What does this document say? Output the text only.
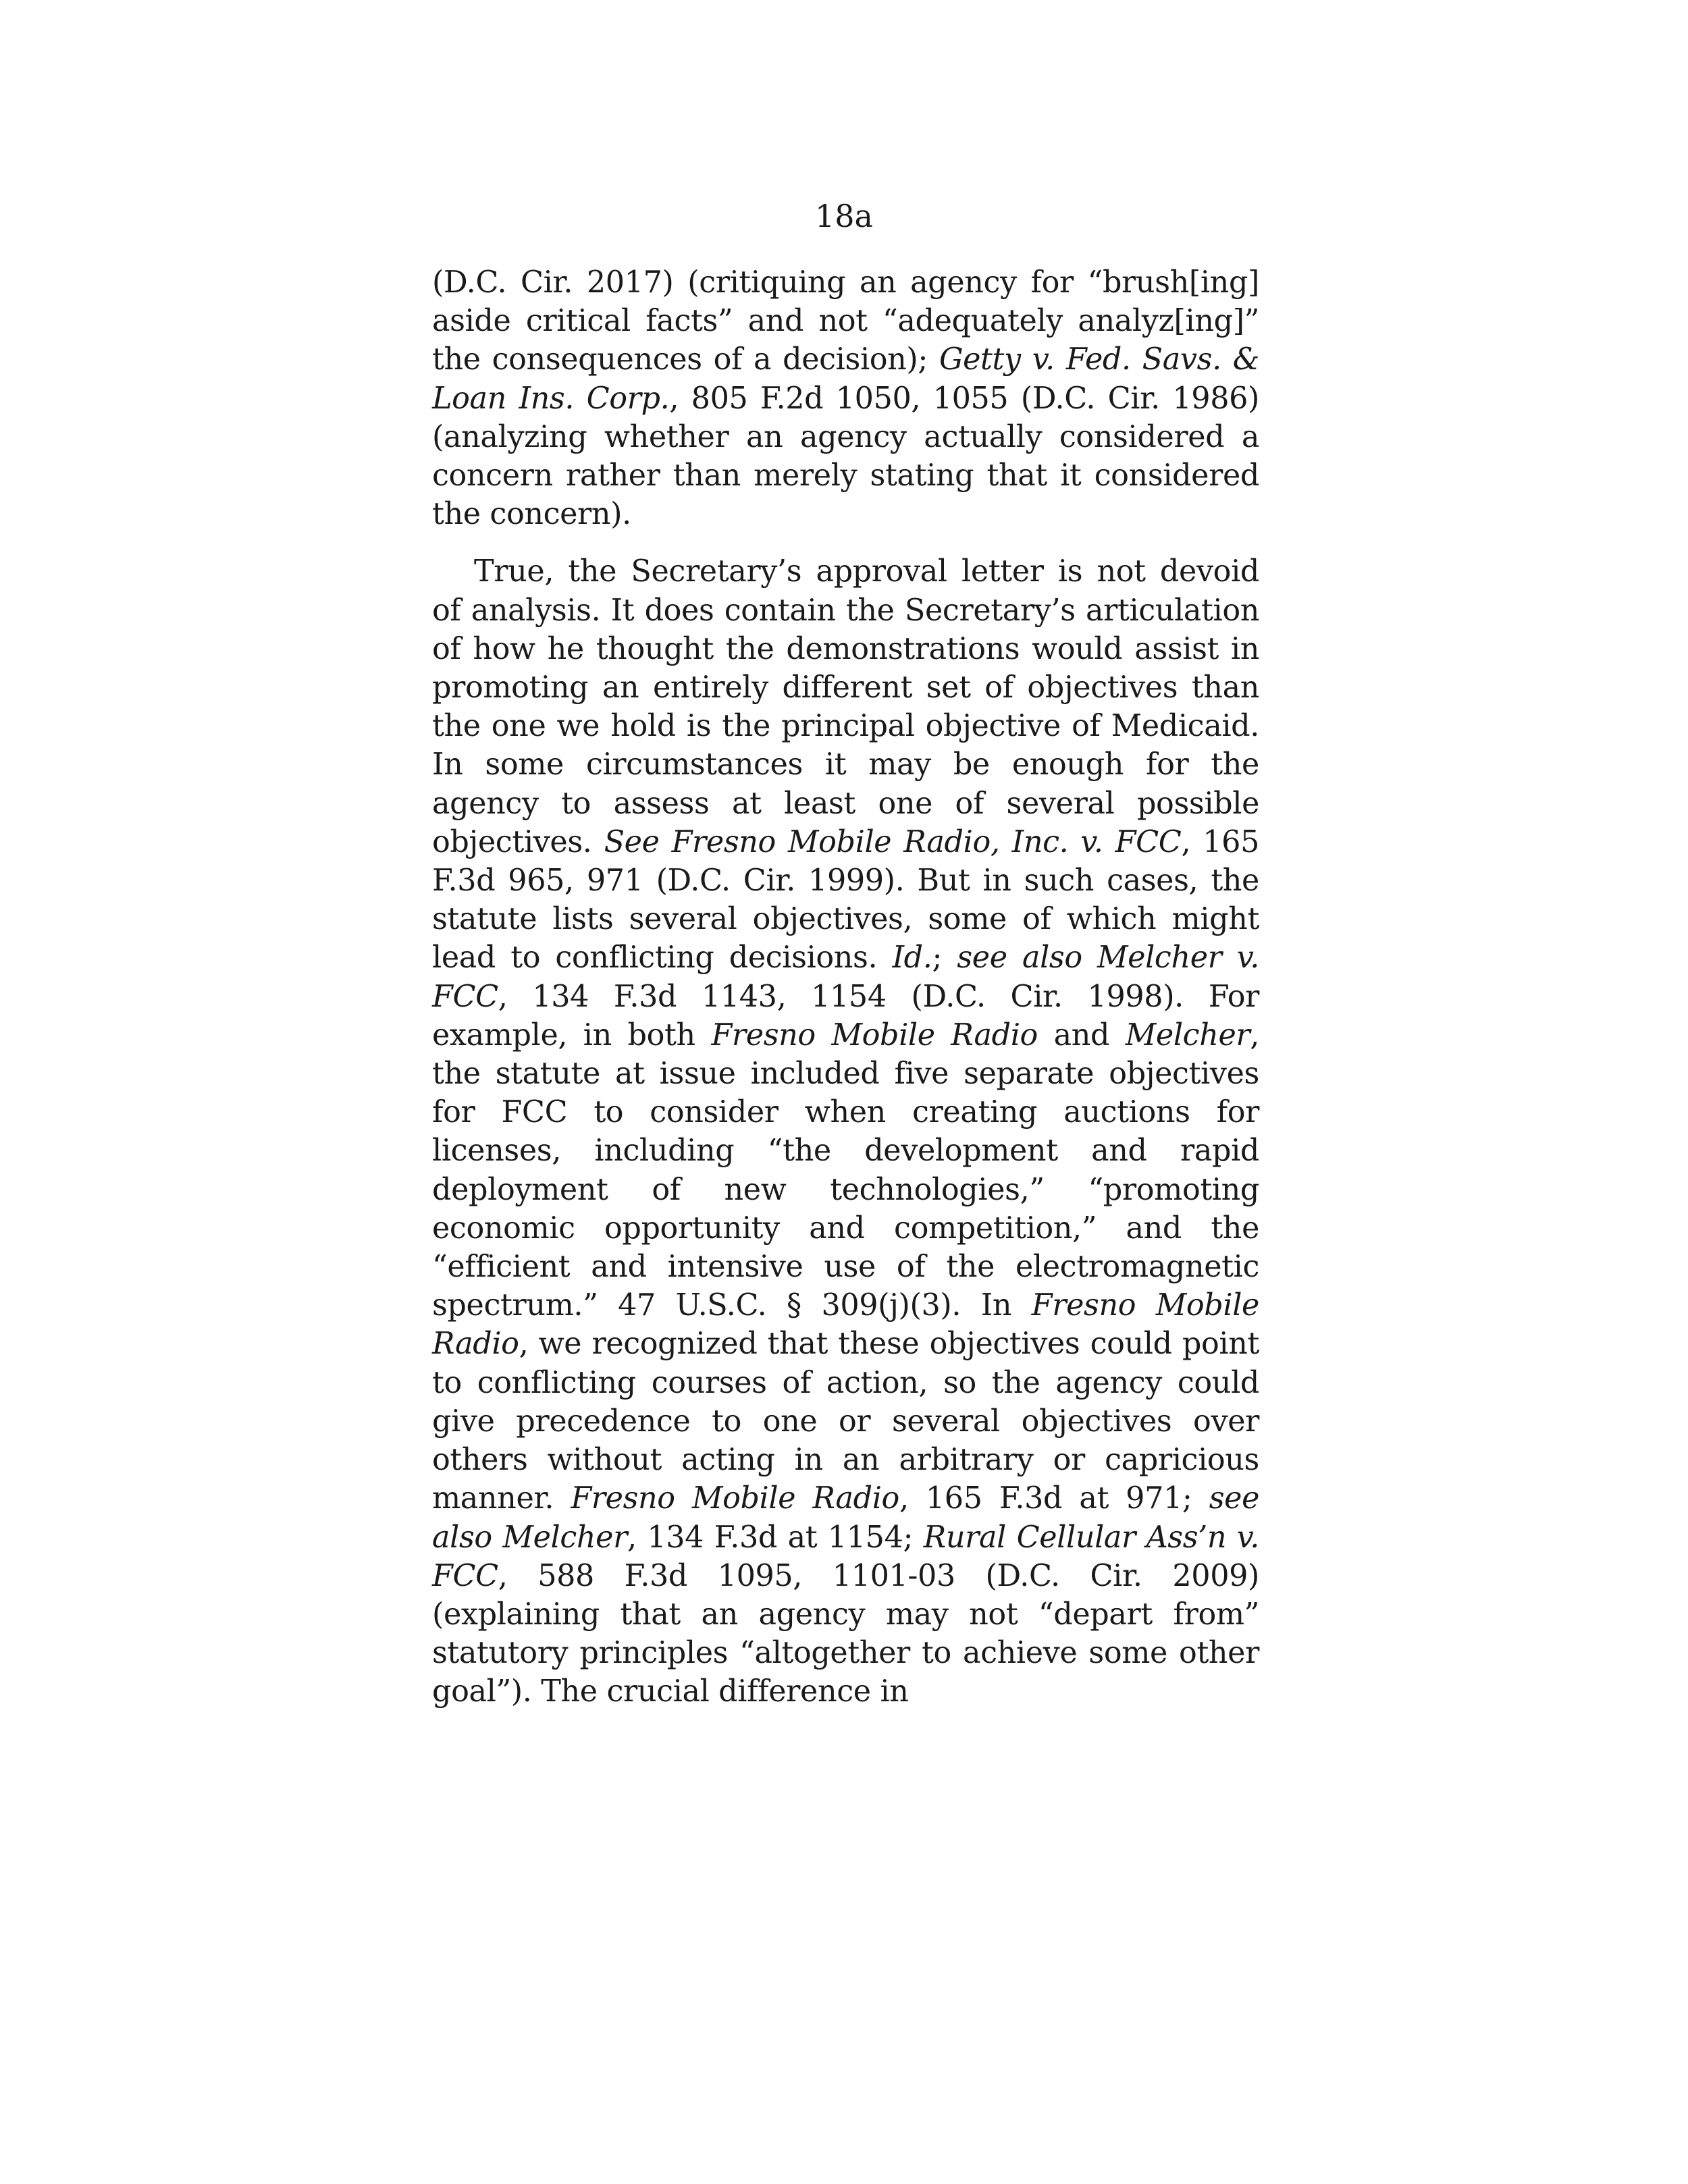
18a

(D.C. Cir. 2017) (critiquing an agency for “brush[ing] aside critical facts” and not “adequately analyz[ing]” the consequences of a decision); Getty v. Fed. Savs. & Loan Ins. Corp., 805 F.2d 1050, 1055 (D.C. Cir. 1986) (analyzing whether an agency actually considered a concern rather than merely stating that it considered the concern).

True, the Secretary’s approval letter is not devoid of analysis. It does contain the Secretary’s articulation of how he thought the demonstrations would assist in promoting an entirely different set of objectives than the one we hold is the principal objective of Medicaid. In some circumstances it may be enough for the agency to assess at least one of several possible objectives. See Fresno Mobile Radio, Inc. v. FCC, 165 F.3d 965, 971 (D.C. Cir. 1999). But in such cases, the statute lists several objectives, some of which might lead to conflicting decisions. Id.; see also Melcher v. FCC, 134 F.3d 1143, 1154 (D.C. Cir. 1998). For example, in both Fresno Mobile Radio and Melcher, the statute at issue included five separate objectives for FCC to consider when creating auctions for licenses, including “the development and rapid deployment of new technologies,” “promoting economic opportunity and competition,” and the “efficient and intensive use of the electromagnetic spectrum.” 47 U.S.C. § 309(j)(3). In Fresno Mobile Radio, we recognized that these objectives could point to conflicting courses of action, so the agency could give precedence to one or several objectives over others without acting in an arbitrary or capricious manner. Fresno Mobile Radio, 165 F.3d at 971; see also Melcher, 134 F.3d at 1154; Rural Cellular Ass’n v. FCC, 588 F.3d 1095, 1101-03 (D.C. Cir. 2009) (explaining that an agency may not “depart from” statutory principles “altogether to achieve some other goal”). The crucial difference in
